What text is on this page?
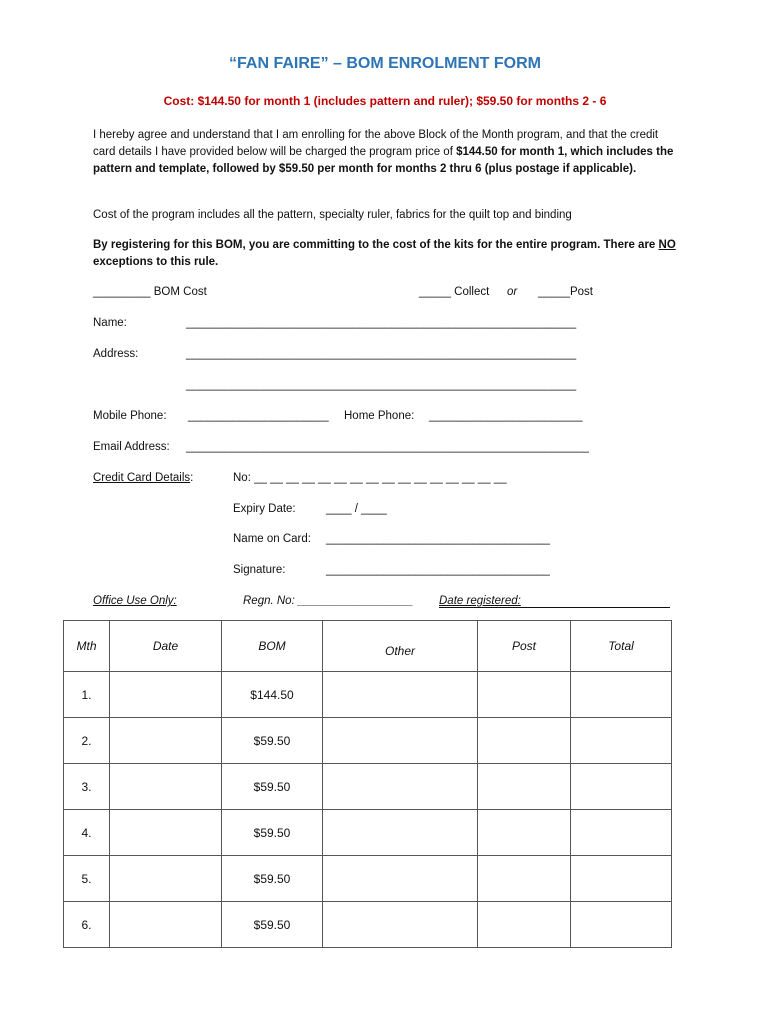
“FAN FAIRE” – BOM ENROLMENT FORM
Cost: $144.50 for month 1 (includes pattern and ruler); $59.50 for months 2 - 6

I hereby agree and understand that I am enrolling for the above Block of the Month program, and that the credit card details I have provided below will be charged the program price of $144.50 for month 1, which includes the pattern and template, followed by $59.50 per month for months 2 thru 6 (plus postage if applicable).

Cost of the program includes all the pattern, specialty ruler, fabrics for the quilt top and binding

By registering for this BOM, you are committing to the cost of the kits for the entire program. There are NO exceptions to this rule.

_________ BOM Cost	_____ Collect or _____Post
Name:	_____________________________________________________________
Address:	_____________________________________________________________
_____________________________________________________________
Mobile Phone: ______________________ Home Phone: ________________________
Email Address: _______________________________________________________________
Credit Card Details:	No: __ __ __ __ __ __ __ __ __ __ __ __ __ __ __ __
Expiry Date:	____ / ____
Name on Card: ___________________________________
Signature:	___________________________________
Office Use Only:	Regn. No: __________________ Date registered:
Mth	Date	BOM	Other	Post	Total
1.		$144.50			
2.		$59.50			
3.		$59.50			
4.		$59.50			
5.		$59.50			
6.		$59.50			
